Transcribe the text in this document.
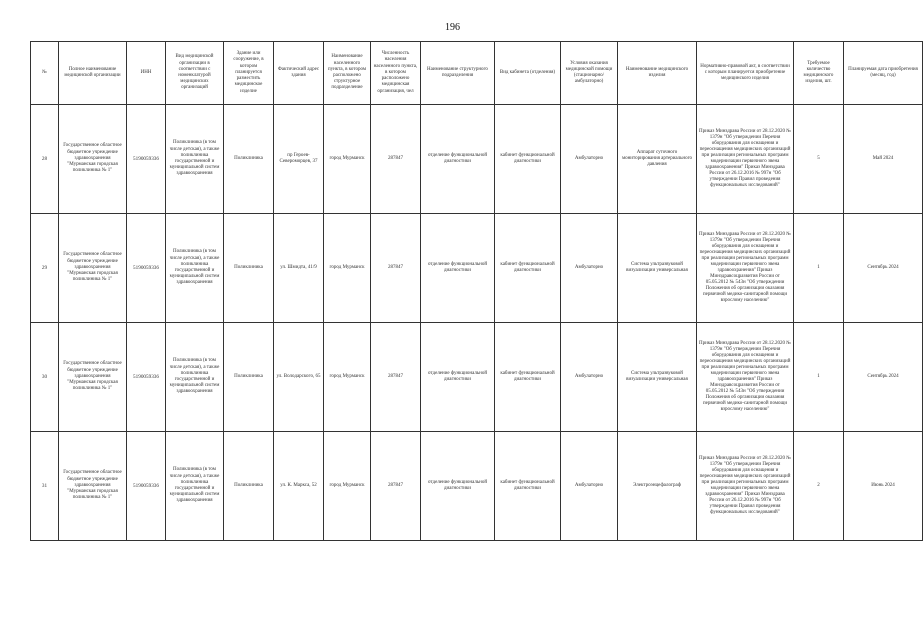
196
№	Полное наименование медицинской организации	ИНН	Вид медицинской организации в соответствии с номенклатурой медицинских организаций	Здание или сооружение, в котором планируется разместить медицинское изделие	Фактический адрес здания	Наименование населенного пункта, в котором расположено структурное подразделение	Численность населения населенного пункта, в котором расположено медицинская организация, чел	Наименование структурного подразделения	Вид кабинета (отделения)	Условия оказания медицинской помощи (стационарно/амбулаторно)	Наименование медицинского изделия	Нормативно-правовой акт, в соответствии с которым планируется приобретение медицинского изделия	Требуемое количество медицинского изделия, шт.	Планируемая дата приобретения (месяц, год)
28	Государственное областное бюджетное учреждение здравоохранения "Мурманская городская поликлиника № 1"	5190059336	Поликлиника (в том числе детская), а также поликлиника государственной и муниципальной систем здравоохранения	Поликлиника	пр Героев-Североморцев, 37	город Мурманск	287847	отделение функциональной диагностики	кабинет функциональной диагностики	Амбулаторно	Аппарат суточного мониторирования артериального давления	Приказ Минздрава России от 28.12.2020 № 1379н "Об утверждении Перечня оборудования для оснащения и переоснащения медицинских организаций при реализации региональных программ модернизации первичного звена здравоохранения" Приказ Минздрава России от 26.12.2016 № 997н "Об утверждении Правил проведения функциональных исследований"	5	Май 2024
29	Государственное областное бюджетное учреждение здравоохранения "Мурманская городская поликлиника № 1"	5190059336	Поликлиника (в том числе детская), а также поликлиника государственной и муниципальной систем здравоохранения	Поликлиника	ул. Шмидта, 41/9	город Мурманск	287847	отделение функциональной диагностики	кабинет функциональной диагностики	Амбулаторно	Система ультразвуковой визуализации универсальная	Приказ Минздрава России от 28.12.2020 № 1379н "Об утверждении Перечня оборудования для оснащения и переоснащения медицинских организаций при реализации региональных программ модернизации первичного звена здравоохранения" Приказ Минздравсоцразвития России от 05.05.2012 № 543н "Об утверждении Положения об организации оказания первичной медико-санитарной помощи взрослому населению"	1	Сентябрь 2024
30	Государственное областное бюджетное учреждение здравоохранения "Мурманская городская поликлиника № 1"	5190059336	Поликлиника (в том числе детская), а также поликлиника государственной и муниципальной систем здравоохранения	Поликлиника	ул. Володарского, 65	город Мурманск	287847	отделение функциональной диагностики	кабинет функциональной диагностики	Амбулаторно	Система ультразвуковой визуализации универсальная	Приказ Минздрава России от 28.12.2020 № 1379н "Об утверждении Перечня оборудования для оснащения и переоснащения медицинских организаций при реализации региональных программ модернизации первичного звена здравоохранения" Приказ Минздравсоцразвития России от 05.05.2012 № 543н "Об утверждении Положения об организации оказания первичной медико-санитарной помощи взрослому населению"	1	Сентябрь 2024
31	Государственное областное бюджетное учреждение здравоохранения "Мурманская городская поликлиника № 1"	5190059336	Поликлиника (в том числе детская), а также поликлиника государственной и муниципальной систем здравоохранения	Поликлиника	ул. К. Маркса, 52	город Мурманск	287847	отделение функциональной диагностики	кабинет функциональной диагностики	Амбулаторно	Электроэнцефалограф	Приказ Минздрава России от 28.12.2020 № 1379н "Об утверждении Перечня оборудования для оснащения и переоснащения медицинских организаций при реализации региональных программ модернизации первичного звена здравоохранения" Приказ Минздрава России от 26.12.2016 № 997н "Об утверждении Правил проведения функциональных исследований"	2	Июнь 2024
